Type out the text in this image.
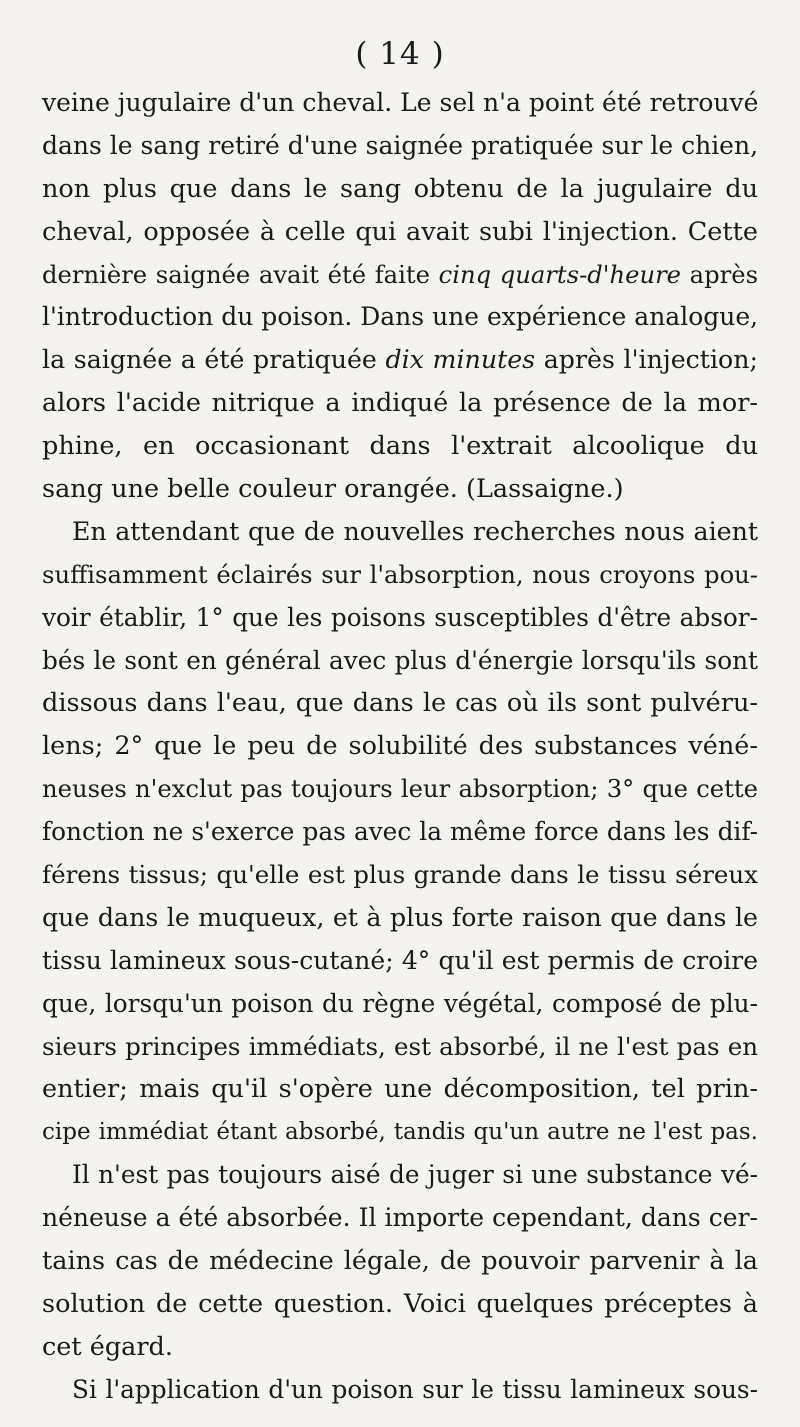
( 14 )
veine jugulaire d'un cheval. Le sel n'a point été retrouvé
dans le sang retiré d'une saignée pratiquée sur le chien,
non plus que dans le sang obtenu de la jugulaire du
cheval, opposée à celle qui avait subi l'injection. Cette
dernière saignée avait été faite cinq quarts-d'heure après
l'introduction du poison. Dans une expérience analogue,
la saignée a été pratiquée dix minutes après l'injection;
alors l'acide nitrique a indiqué la présence de la mor-
phine, en occasionant dans l'extrait alcoolique du
sang une belle couleur orangée. (Lassaigne.)
En attendant que de nouvelles recherches nous aient
suffisamment éclairés sur l'absorption, nous croyons pou-
voir établir, 1° que les poisons susceptibles d'être absor-
bés le sont en général avec plus d'énergie lorsqu'ils sont
dissous dans l'eau, que dans le cas où ils sont pulvéru-
lens; 2° que le peu de solubilité des substances véné-
neuses n'exclut pas toujours leur absorption; 3° que cette
fonction ne s'exerce pas avec la même force dans les dif-
férens tissus; qu'elle est plus grande dans le tissu séreux
que dans le muqueux, et à plus forte raison que dans le
tissu lamineux sous-cutané; 4° qu'il est permis de croire
que, lorsqu'un poison du règne végétal, composé de plu-
sieurs principes immédiats, est absorbé, il ne l'est pas en
entier; mais qu'il s'opère une décomposition, tel prin-
cipe immédiat étant absorbé, tandis qu'un autre ne l'est pas.
Il n'est pas toujours aisé de juger si une substance vé-
néneuse a été absorbée. Il importe cependant, dans cer-
tains cas de médecine légale, de pouvoir parvenir à la
solution de cette question. Voici quelques préceptes à
cet égard.
Si l'application d'un poison sur le tissu lamineux sous-
